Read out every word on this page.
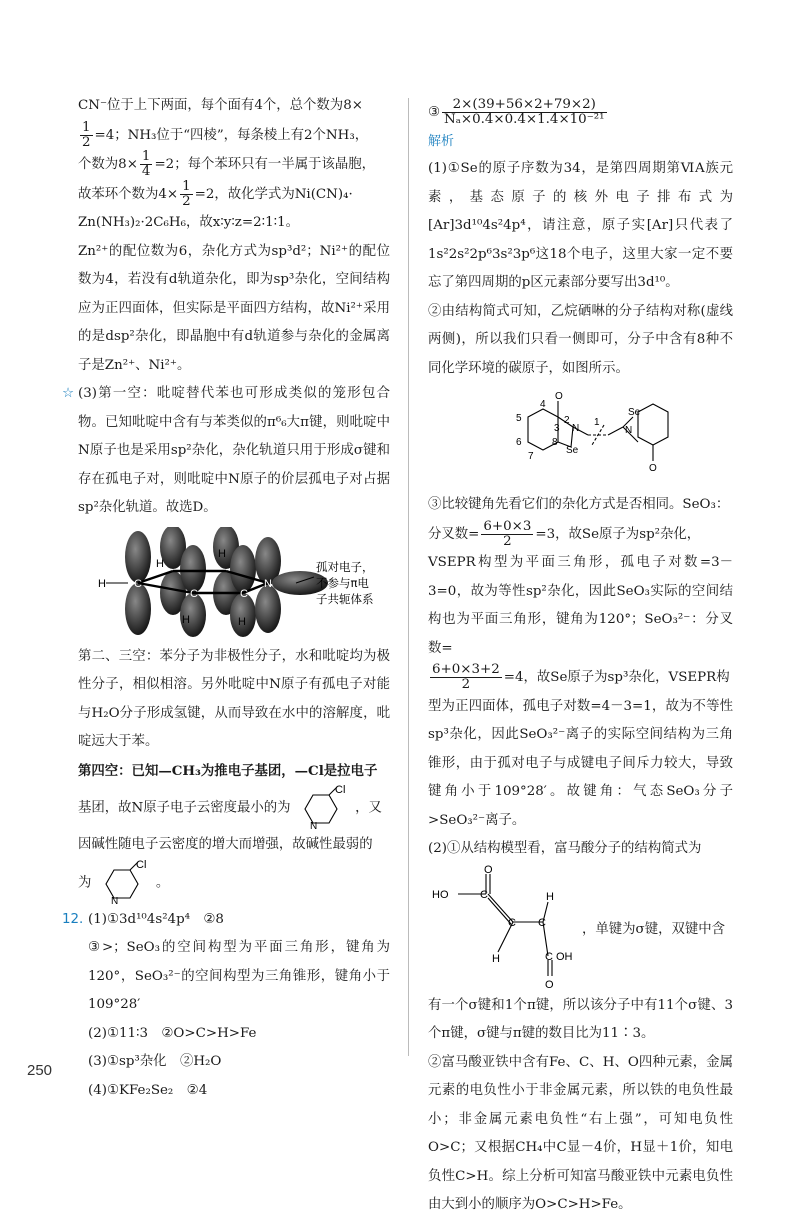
CN⁻位于上下两面，每个面有4个，总个数为8×

$\frac{1}{2} =4$；NH₃位于“四棱”，每条棱上有2个NH₃，

个数为$8\times \frac{1}{4} =2$；每个苯环只有一半属于该晶胞，

故苯环个数为$4\times \frac{1}{2} =2$，故化学式为Ni(CN)₄·

Zn(NH₃)₂·2C₆H₆，故x∶y∶z=2∶1∶1。

Zn²⁺的配位数为6，杂化方式为sp³d²；Ni²⁺的配位数为4，若没有d轨道杂化，即为sp³杂化，空间结构应为正四面体，但实际是平面四方结构，故Ni²⁺采用的是dsp²杂化，即晶胞中有d轨道参与杂化的金属离子是Zn²⁺、Ni²⁺。

☆ (3)第一空：吡啶替代苯也可形成类似的笼形包合物。已知吡啶中含有与苯类似的π⁶₆大π键，则吡啶中N原子也是采用sp²杂化，杂化轨道只用于形成σ键和存在孤电子对，则吡啶中N原子的价层孤电子对占据sp²杂化轨道。故选D。

H
H
H
H	H
C
C	C
N
孤对电子，
不参与π电
子共轭体系

第二、三空：苯分子为非极性分子，水和吡啶均为极性分子，相似相溶。另外吡啶中N原子有孤电子对能与H₂O分子形成氢键，从而导致在水中的溶解度，吡啶远大于苯。

第四空：已知—CH₃为推电子基团，—Cl是拉电子

基团，故N原子电子云密度最小的为
Cl
N
，又

因碱性随电子云密度的增大而增强，故碱性最弱的

为
Cl
N
。

12. (1)①3d¹⁰4s²4p⁴　②8

③>；SeO₃的空间构型为平面三角形，键角为120°，SeO₃²⁻的空间构型为三角锥形，键角小于109°28′

(2)①11∶3　②O>C>H>Fe

(3)①sp³杂化　②H₂O

(4)①KFe₂Se₂　②4

③ $\frac{2\times(39+56\times 2+79\times 2)}{\text{Nₐ×0.4×0.4×1.4×10⁻²¹}}$

解析

(1)①Se的原子序数为34，是第四周期第ⅥA族元素，基态原子的核外电子排布式为[Ar]3d¹⁰4s²4p⁴，请注意，原子实[Ar]只代表了1s²2s²2p⁶3s²3p⁶这18个电子，这里大家一定不要忘了第四周期的p区元素部分要写出3d¹⁰。

②由结构简式可知，乙烷硒啉的分子结构对称(虚线两侧)，所以我们只看一侧即可，分子中含有8种不同化学环境的碳原子，如图所示。

O
N
Se
Se
N
O
5
6
7
4
3
2
8
1

③比较键角先看它们的杂化方式是否相同。SeO₃：

分叉数= $\frac{6+0\times 3}{2} =3$，故Se原子为sp²杂化，

VSEPR构型为平面三角形，孤电子对数=3－3=0，故为等性sp²杂化，因此SeO₃实际的空间结构也为平面三角形，键角为120°；SeO₃²⁻：分叉数=

$\frac{6+0\times 3+2}{2} =4$，故Se原子为sp³杂化，VSEPR构

型为正四面体，孤电子对数=4－3=1，故为不等性sp³杂化，因此SeO₃²⁻离子的实际空间结构为三角锥形，由于孤对电子与成键电子间斥力较大，导致键角小于109°28′。故键角：气态SeO₃分子>SeO₃²⁻离子。

(2)①从结构模型看，富马酸分子的结构简式为

HO
O
C
C C
H
H	C OH
O
，单键为σ键，双键中含

有一个σ键和1个π键，所以该分子中有11个σ键、3个π键，σ键与π键的数目比为11∶3。

②富马酸亚铁中含有Fe、C、H、O四种元素，金属元素的电负性小于非金属元素，所以铁的电负性最小；非金属元素电负性“右上强”，可知电负性O>C；又根据CH₄中C显－4价，H显＋1价，知电负性C>H。综上分析可知富马酸亚铁中元素电负性由大到小的顺序为O>C>H>Fe。

250
